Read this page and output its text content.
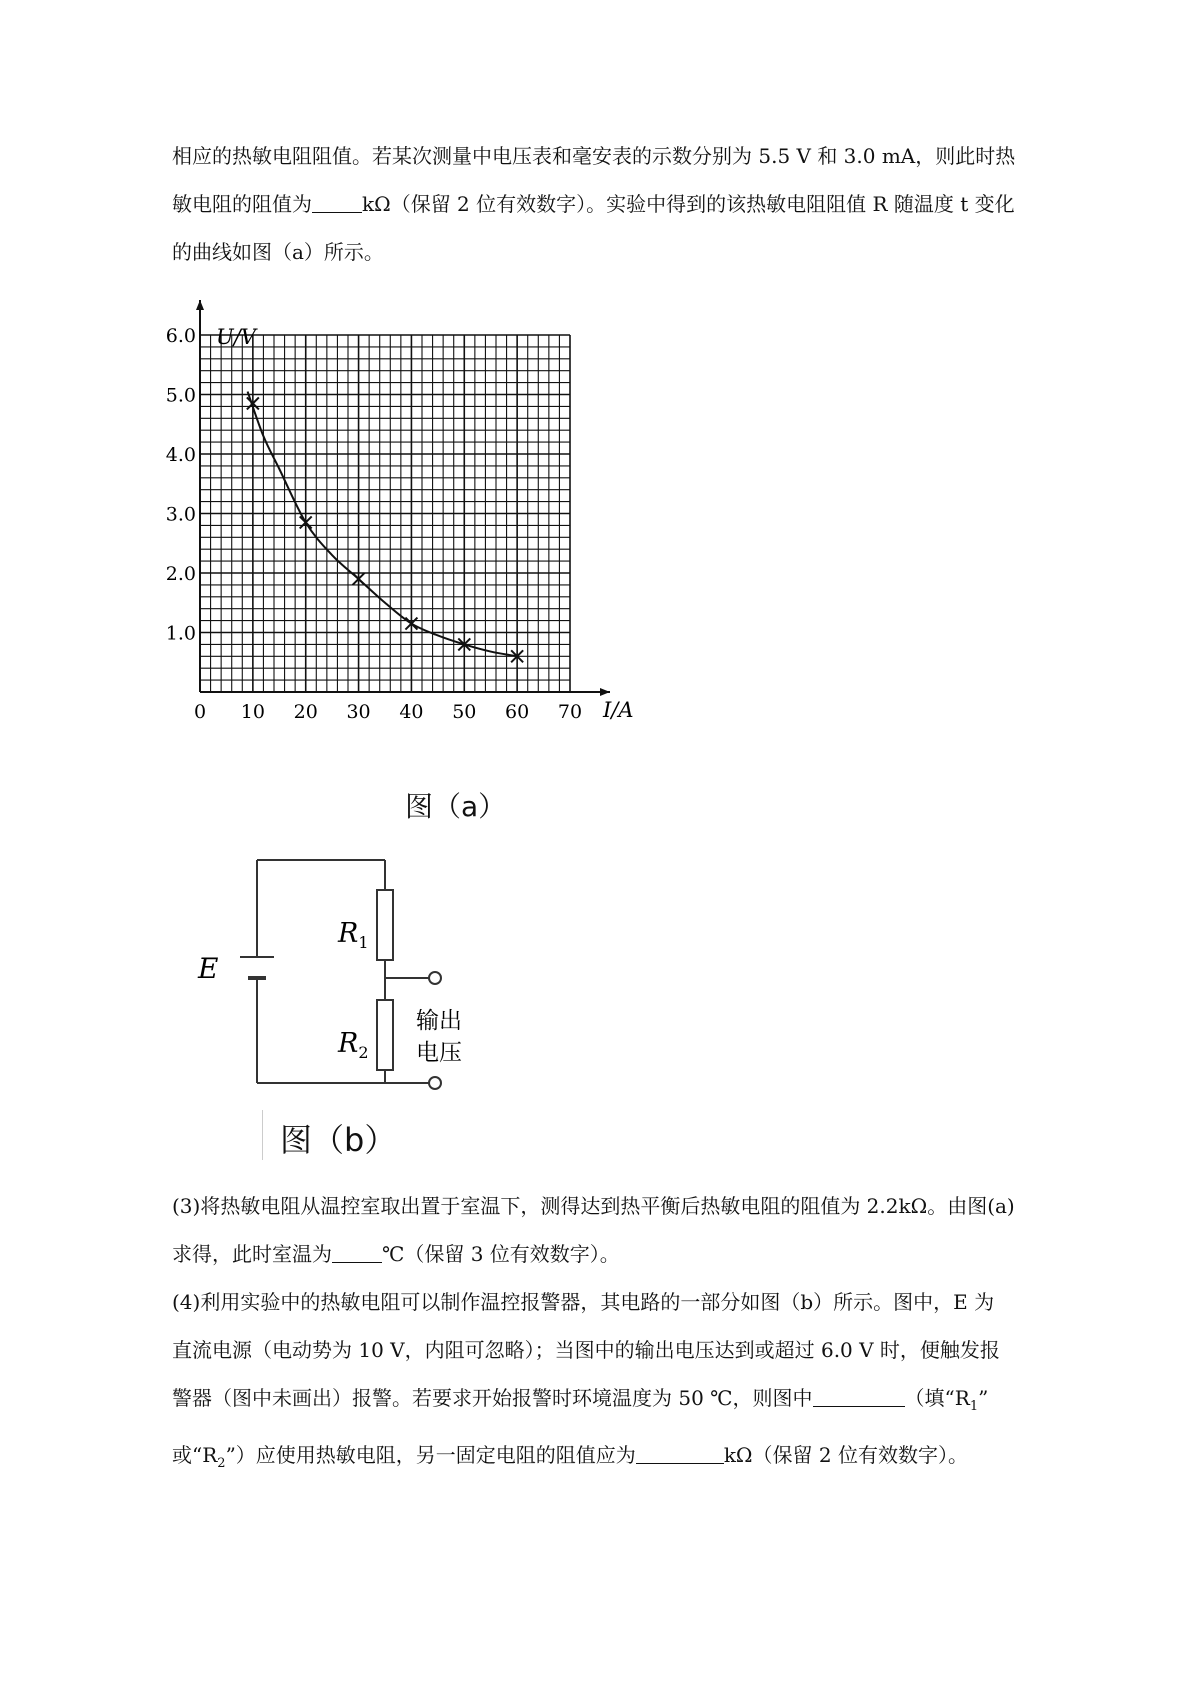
相应的热敏电阻阻值。若某次测量中电压表和毫安表的示数分别为 5.5 V 和 3.0 mA，则此时热
敏电阻的阻值为	kΩ（保留 2 位有效数字）。实验中得到的该热敏电阻阻值 R 随温度 t 变化
的曲线如图（a）所示。
0 10 20 30 40 50 60 70
1.0
2.0
3.0
4.0
5.0
6.0 U/V
I/A
图（a）
E
$R_1$
$R_2$
输出
电压
图（b）
(3)将热敏电阻从温控室取出置于室温下，测得达到热平衡后热敏电阻的阻值为 2.2kΩ。由图(a)
求得，此时室温为	℃（保留 3 位有效数字）。
(4)利用实验中的热敏电阻可以制作温控报警器，其电路的一部分如图（b）所示。图中，E 为
直流电源（电动势为 10 V，内阻可忽略）；当图中的输出电压达到或超过 6.0 V 时，便触发报
警器（图中未画出）报警。若要求开始报警时环境温度为 50 ℃，则图中	（填“$R_1$”
或“$R_2$”）应使用热敏电阻，另一固定电阻的阻值应为	kΩ（保留 2 位有效数字）。
